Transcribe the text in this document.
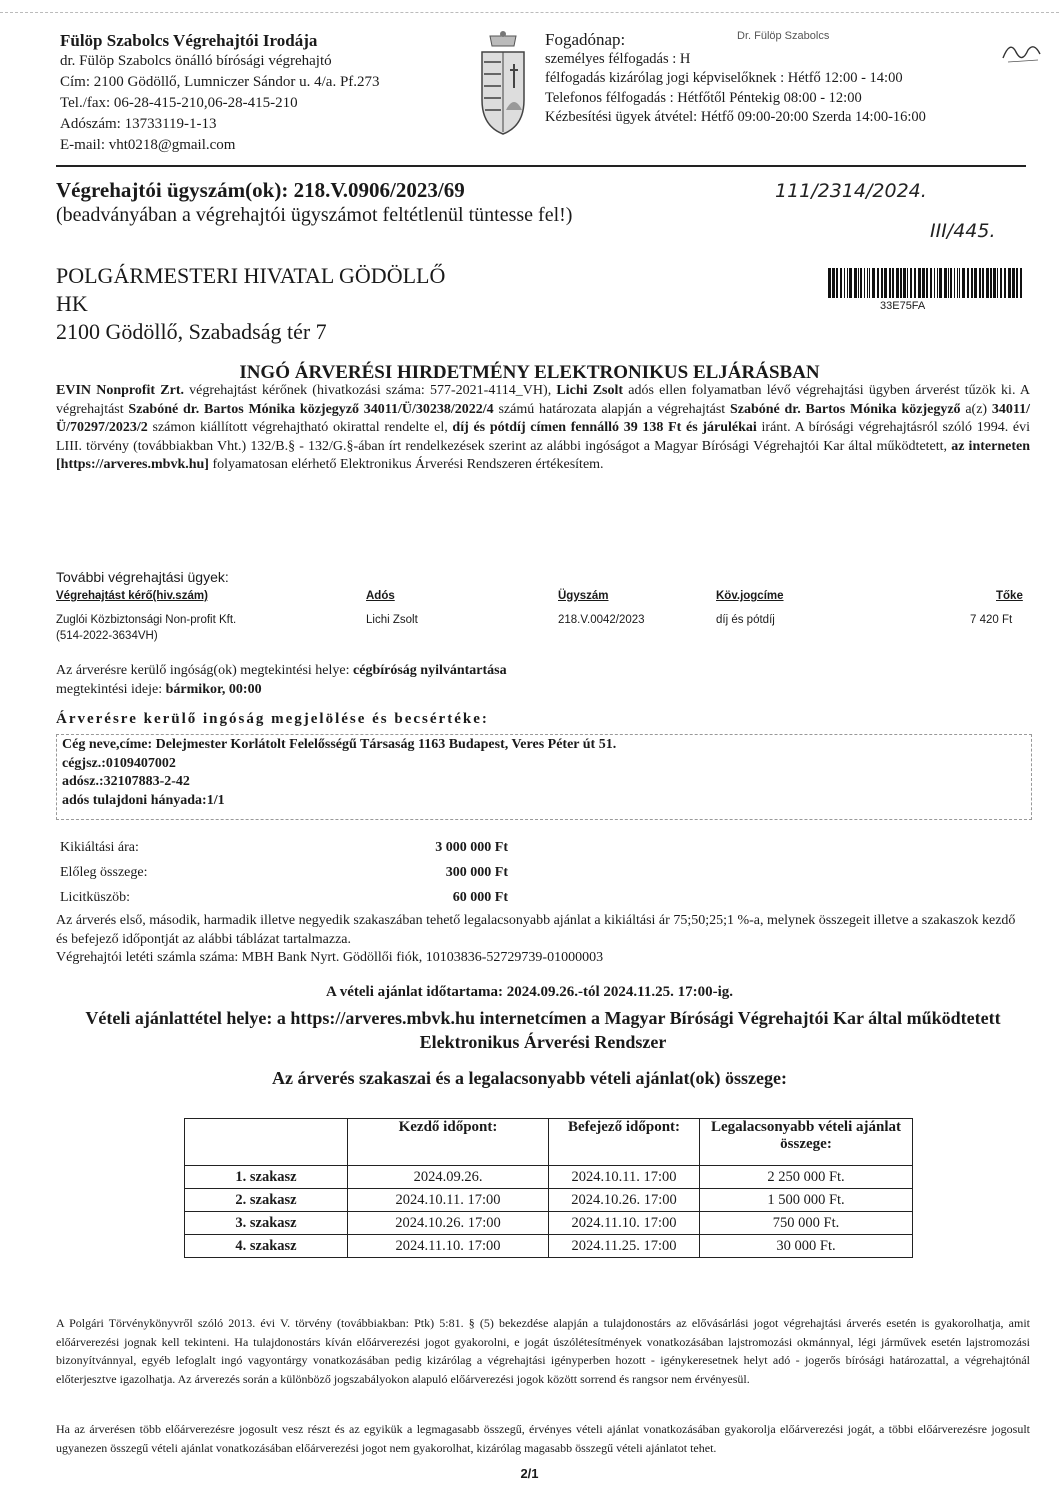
Fülöp Szabolcs Végrehajtói Irodája
dr. Fülöp Szabolcs önálló bírósági végrehajtó
Cím: 2100 Gödöllő, Lumniczer Sándor u. 4/a. Pf.273
Tel./fax: 06-28-415-210,06-28-415-210
Adószám: 13733119-1-13
E-mail: vht0218@gmail.com
Fogadónap:
személyes félfogadás : H
félfogadás kizárólag jogi képviselőknek : Hétfő 12:00 - 14:00
Telefonos félfogadás : Hétfőtől Péntekig 08:00 - 12:00
Kézbesítési ügyek átvétel: Hétfő 09:00-20:00 Szerda 14:00-16:00
Dr. Fülöp Szabolcs
Végrehajtói ügyszám(ok): 218.V.0906/2023/69
(beadványában a végrehajtói ügyszámot feltétlenül tüntesse fel!)
111/2314/2024.
III/445.
POLGÁRMESTERI HIVATAL GÖDÖLLŐ
HK
2100 Gödöllő, Szabadság tér 7
33E75FA
INGÓ ÁRVERÉSI HIRDETMÉNY ELEKTRONIKUS ELJÁRÁSBAN
EVIN Nonprofit Zrt. végrehajtást kérőnek (hivatkozási száma: 577-2021-4114_VH), Lichi Zsolt adós ellen folyamatban lévő végrehajtási ügyben árverést tűzök ki. A végrehajtást Szabóné dr. Bartos Mónika közjegyző 34011/Ü/30238/2022/4 számú határozata alapján a végrehajtást Szabóné dr. Bartos Mónika közjegyző a(z) 34011/Ü/70297/2023/2 számon kiállított végrehajtható okirattal rendelte el, díj és pótdíj címen fennálló 39 138 Ft és járulékai iránt. A bírósági végrehajtásról szóló 1994. évi LIII. törvény (továbbiakban Vht.) 132/B.§ - 132/G.§-ában írt rendelkezések szerint az alábbi ingóságot a Magyar Bírósági Végrehajtói Kar által működtetett, az interneten [https://arveres.mbvk.hu] folyamatosan elérhető Elektronikus Árverési Rendszeren értékesítem.
További végrehajtási ügyek:
Végrehajtást kérő(hiv.szám)	Adós	Ügyszám	Köv.jogcíme	Tőke
Zuglói Közbiztonsági Non-profit Kft.
(514-2022-3634VH)
Lichi Zsolt	218.V.0042/2023	díj és pótdíj	7 420 Ft
Az árverésre kerülő ingóság(ok) megtekintési helye: cégbíróság nyilvántartása
megtekintési ideje: bármikor, 00:00
Árverésre kerülő ingóság megjelölése és becsértéke:
Cég neve,címe: Delejmester Korlátolt Felelősségű Társaság 1163 Budapest, Veres Péter út 51.
cégjsz.:0109407002
adósz.:32107883-2-42
adós tulajdoni hányada:1/1
Kikiáltási ára:	3 000 000 Ft
Előleg összege:	300 000 Ft
Licitküszöb:	60 000 Ft
Az árverés első, második, harmadik illetve negyedik szakaszában tehető legalacsonyabb ajánlat a kikiáltási ár 75;50;25;1 %-a, melynek összegeit illetve a szakaszok kezdő és befejező időpontját az alábbi táblázat tartalmazza.
Végrehajtói letéti számla száma: MBH Bank Nyrt. Gödöllői fiók, 10103836-52729739-01000003
A vételi ajánlat időtartama: 2024.09.26.-tól 2024.11.25. 17:00-ig.
Vételi ajánlattétel helye: a https://arveres.mbvk.hu internetcímen a Magyar Bírósági Végrehajtói Kar által működtetett Elektronikus Árverési Rendszer
Az árverés szakaszai és a legalacsonyabb vételi ajánlat(ok) összege:
	Kezdő időpont:	Befejező időpont:	Legalacsonyabb vételi ajánlat összege:
1. szakasz	2024.09.26.	2024.10.11. 17:00	2 250 000 Ft.
2. szakasz	2024.10.11. 17:00	2024.10.26. 17:00	1 500 000 Ft.
3. szakasz	2024.10.26. 17:00	2024.11.10. 17:00	750 000 Ft.
4. szakasz	2024.11.10. 17:00	2024.11.25. 17:00	30 000 Ft.
A Polgári Törvénykönyvről szóló 2013. évi V. törvény (továbbiakban: Ptk) 5:81. § (5) bekezdése alapján a tulajdonostárs az elővásárlási jogot végrehajtási árverés esetén is gyakorolhatja, amit előárverezési jognak kell tekinteni. Ha tulajdonostárs kíván előárverezési jogot gyakorolni, e jogát úszólétesítmények vonatkozásában lajstromozási okmánnyal, légi járművek esetén lajstromozási bizonyítvánnyal, egyéb lefoglalt ingó vagyontárgy vonatkozásában pedig kizárólag a végrehajtási igényperben hozott - igénykeresetnek helyt adó - jogerős bírósági határozattal, a végrehajtónál előterjesztve igazolhatja. Az árverezés során a különböző jogszabályokon alapuló előárverezési jogok között sorrend és rangsor nem érvényesül.
Ha az árverésen több előárverezésre jogosult vesz részt és az egyikük a legmagasabb összegű, érvényes vételi ajánlat vonatkozásában gyakorolja előárverezési jogát, a többi előárverezésre jogosult ugyanezen összegű vételi ajánlat vonatkozásában előárverezési jogot nem gyakorolhat, kizárólag magasabb összegű vételi ajánlatot tehet.
2/1
